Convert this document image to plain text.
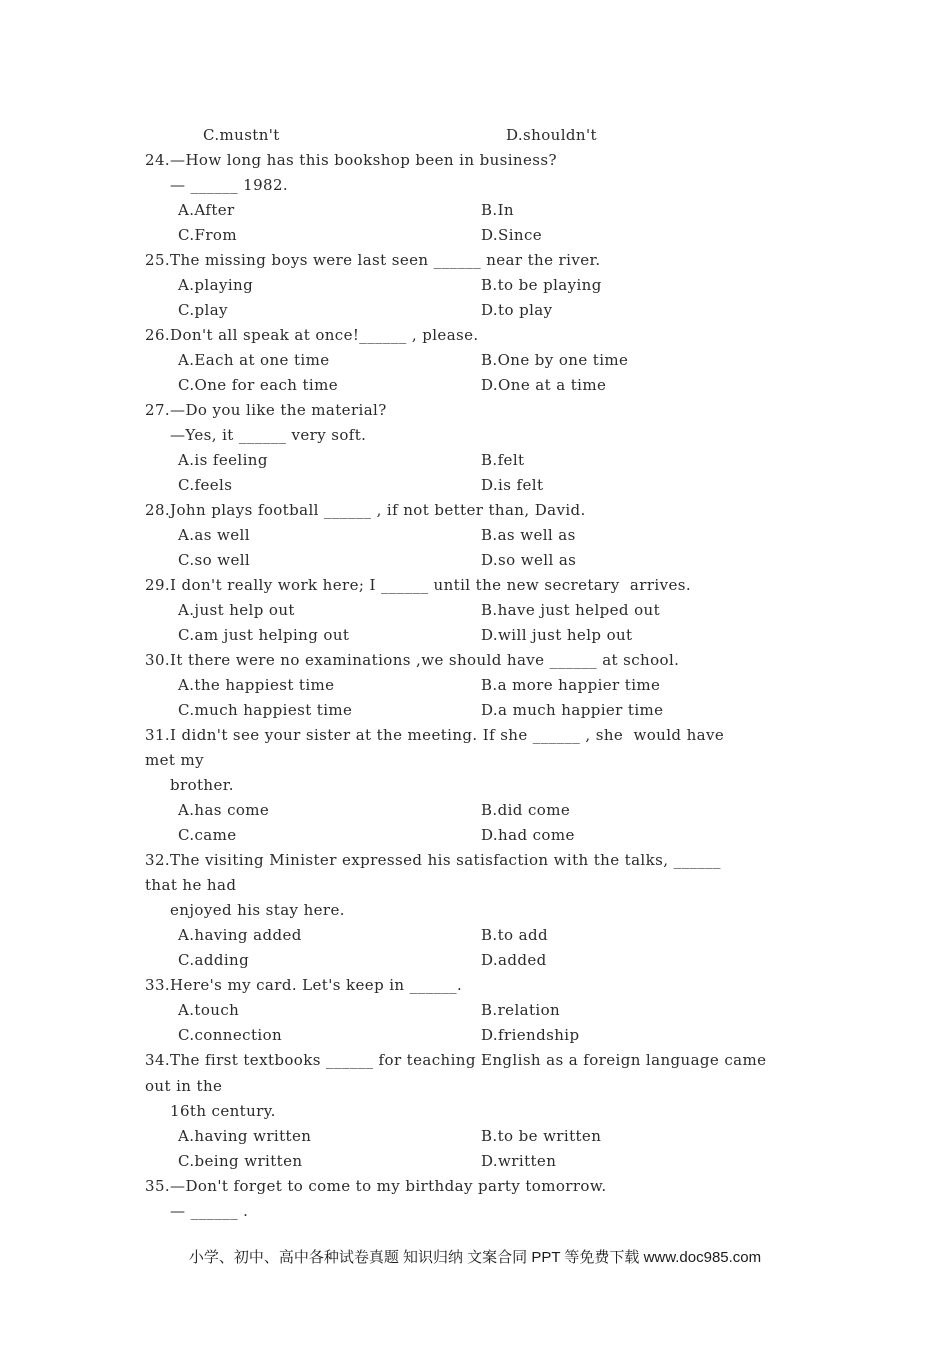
C.mustn't	D.shouldn't
24.—How long has this bookshop been in business?
— ______ 1982.
A.After	B.In
C.From	D.Since
25.The missing boys were last seen ______ near the river.
A.playing	B.to be playing
C.play	D.to play
26.Don't all speak at once!______ , please.
A.Each at one time	B.One by one time
C.One for each time	D.One at a time
27.—Do you like the material?
—Yes, it ______ very soft.
A.is feeling	B.felt
C.feels	D.is felt
28.John plays football ______ , if not better than, David.
A.as well	B.as well as
C.so well	D.so well as
29.I don't really work here; I ______ until the new secretary  arrives.
A.just help out	B.have just helped out
C.am just helping out	D.will just help out
30.It there were no examinations ,we should have ______ at school.
A.the happiest time	B.a more happier time
C.much happiest time	D.a much happier time
31.I didn't see your sister at the meeting. If she ______ , she  would have
met my
brother.
A.has come	B.did come
C.came	D.had come
32.The visiting Minister expressed his satisfaction with the talks, ______
that he had
enjoyed his stay here.
A.having added	B.to add
C.adding	D.added
33.Here's my card. Let's keep in ______.
A.touch	B.relation
C.connection	D.friendship
34.The first textbooks ______ for teaching English as a foreign language came
out in the
16th century.
A.having written	B.to be written
C.being written	D.written
35.—Don't forget to come to my birthday party tomorrow.
— ______ .
小学、初中、高中各种试卷真题 知识归纳 文案合同 PPT 等免费下载 www.doc985.com
